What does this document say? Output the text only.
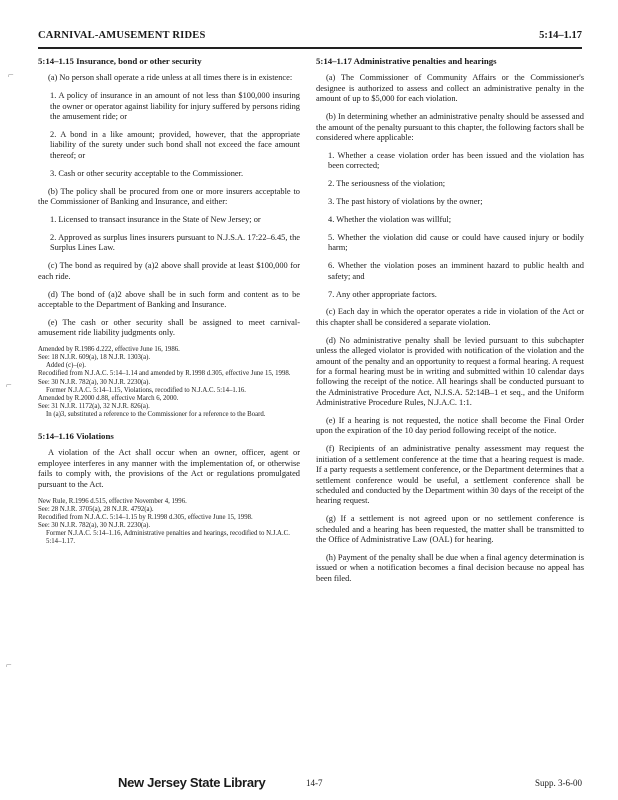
CARNIVAL-AMUSEMENT RIDES	5:14–1.17
⌐
⌐
⌐
5:14–1.15 Insurance, bond or other security

(a) No person shall operate a ride unless at all times there is in existence:

1. A policy of insurance in an amount of not less than $100,000 insuring the owner or operator against liability for injury suffered by persons riding the amusement ride; or

2. A bond in a like amount; provided, however, that the appropriate liability of the surety under such bond shall not exceed the face amount thereof; or

3. Cash or other security acceptable to the Commissioner.

(b) The policy shall be procured from one or more insurers acceptable to the Commissioner of Banking and Insurance, and either:

1. Licensed to transact insurance in the State of New Jersey; or

2. Approved as surplus lines insurers pursuant to N.J.S.A. 17:22–6.45, the Surplus Lines Law.

(c) The bond as required by (a)2 above shall provide at least $100,000 for each ride.

(d) The bond of (a)2 above shall be in such form and content as to be acceptable to the Department of Banking and Insurance.

(e) The cash or other security shall be assigned to meet carnival-amusement ride liability judgments only.

Amended by R.1986 d.222, effective June 16, 1986.
See: 18 N.J.R. 609(a), 18 N.J.R. 1303(a).
Added (c)–(e).
Recodified from N.J.A.C. 5:14–1.14 and amended by R.1998 d.305, effective June 15, 1998.
See: 30 N.J.R. 782(a), 30 N.J.R. 2230(a).
Former N.J.A.C. 5:14–1.15, Violations, recodified to N.J.A.C. 5:14–1.16.
Amended by R.2000 d.88, effective March 6, 2000.
See: 31 N.J.R. 1172(a), 32 N.J.R. 826(a).
In (a)3, substituted a reference to the Commissioner for a reference to the Board.
5:14–1.16 Violations

A violation of the Act shall occur when an owner, officer, agent or employee interferes in any manner with the implementation of, or otherwise fails to comply with, the provisions of the Act or regulations promulgated pursuant to the Act.

New Rule, R.1996 d.515, effective November 4, 1996.
See: 28 N.J.R. 3705(a), 28 N.J.R. 4792(a).
Recodified from N.J.A.C. 5:14–1.15 by R.1998 d.305, effective June 15, 1998.
See: 30 N.J.R. 782(a), 30 N.J.R. 2230(a).
Former N.J.A.C. 5:14–1.16, Administrative penalties and hearings, recodified to N.J.A.C. 5:14–1.17.
5:14–1.17 Administrative penalties and hearings

(a) The Commissioner of Community Affairs or the Commissioner's designee is authorized to assess and collect an administrative penalty in the amount of up to $5,000 for each violation.

(b) In determining whether an administrative penalty should be assessed and the amount of the penalty pursuant to this chapter, the following factors shall be considered where applicable:

1. Whether a cease violation order has been issued and the violation has been corrected;

2. The seriousness of the violation;

3. The past history of violations by the owner;

4. Whether the violation was willful;

5. Whether the violation did cause or could have caused injury or bodily harm;

6. Whether the violation poses an imminent hazard to public health and safety; and

7. Any other appropriate factors.

(c) Each day in which the operator operates a ride in violation of the Act or this chapter shall be considered a separate violation.

(d) No administrative penalty shall be levied pursuant to this subchapter unless the alleged violator is provided with notification of the violation and the amount of the penalty and an opportunity to request a formal hearing. A request for a formal hearing must be in writing and submitted within 10 calendar days following the receipt of the notice. All hearings shall be conducted pursuant to the Administrative Procedure Act, N.J.S.A. 52:14B–1 et seq., and the Uniform Administrative Procedure Rules, N.J.A.C. 1:1.

(e) If a hearing is not requested, the notice shall become the Final Order upon the expiration of the 10 day period following receipt of the notice.

(f) Recipients of an administrative penalty assessment may request the initiation of a settlement conference at the time that a hearing request is made. If a party requests a settlement conference, or the Department determines that a settlement conference would be useful, a settlement conference shall be scheduled and conducted by the Department within 30 days of the receipt of the hearing request.

(g) If a settlement is not agreed upon or no settlement conference is scheduled and a hearing has been requested, the matter shall be transmitted to the Office of Administrative Law (OAL) for hearing.

(h) Payment of the penalty shall be due when a final agency determination is issued or when a notification becomes a final decision because no appeal has been filed.

New Jersey State Library	14-7	Supp. 3-6-00
